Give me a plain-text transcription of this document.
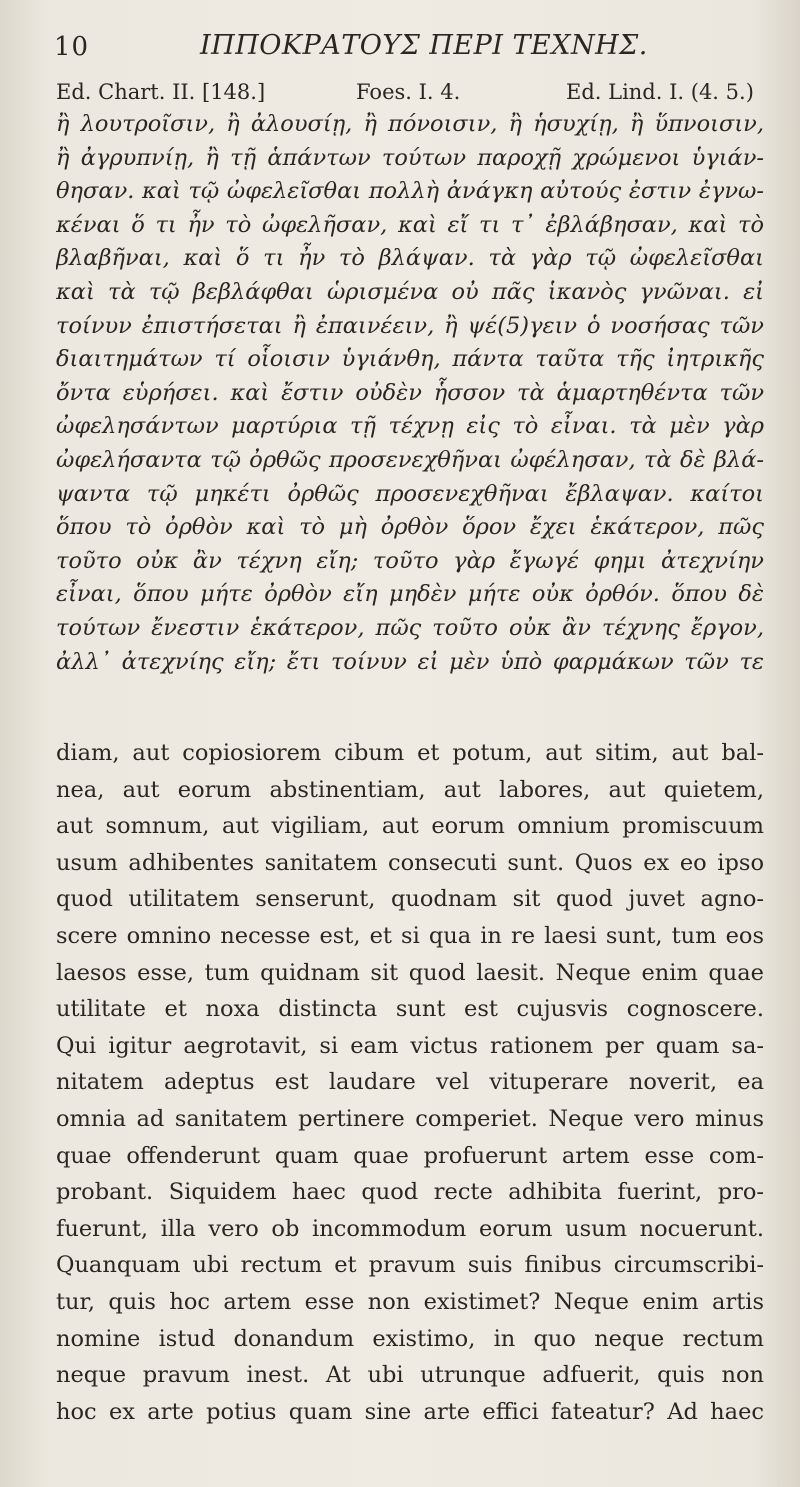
10	ΙΠΠΟΚΡΑΤΟΥΣ ΠΕΡΙ ΤΕΧΝΗΣ.
Ed. Chart. II. [148.]	Foes. I. 4.	Ed. Lind. I. (4. 5.)
ἢ λουτροῖσιν, ἢ ἀλουσίῃ, ἢ πόνοισιν, ἢ ἡσυχίῃ, ἢ ὕπνοισιν,
ἢ ἀγρυπνίῃ, ἢ τῇ ἁπάντων τούτων παροχῇ χρώμενοι ὑγιάν-
θησαν. καὶ τῷ ὠφελεῖσθαι πολλὴ ἀνάγκη αὐτούς ἐστιν ἐγνω-
κέναι ὅ τι ἦν τὸ ὠφελῆσαν, καὶ εἴ τι τ᾽ ἐβλάβησαν, καὶ τὸ
βλαβῆναι, καὶ ὅ τι ἦν τὸ βλάψαν. τὰ γὰρ τῷ ὠφελεῖσθαι
καὶ τὰ τῷ βεβλάφθαι ὡρισμένα οὐ πᾶς ἱκανὸς γνῶναι. εἰ
τοίνυν ἐπιστήσεται ἢ ἐπαινέειν, ἢ ψέ(5)γειν ὁ νοσήσας τῶν
διαιτημάτων τί οἷοισιν ὑγιάνθη, πάντα ταῦτα τῆς ἰητρικῆς
ὄντα εὑρήσει. καὶ ἔστιν οὐδὲν ἧσσον τὰ ἁμαρτηθέντα τῶν
ὠφελησάντων μαρτύρια τῇ τέχνῃ εἰς τὸ εἶναι. τὰ μὲν γὰρ
ὠφελήσαντα τῷ ὀρθῶς προσενεχθῆναι ὠφέλησαν, τὰ δὲ βλά-
ψαντα τῷ μηκέτι ὀρθῶς προσενεχθῆναι ἔβλαψαν. καίτοι
ὅπου τὸ ὀρθὸν καὶ τὸ μὴ ὀρθὸν ὅρον ἔχει ἑκάτερον, πῶς
τοῦτο οὐκ ἂν τέχνη εἴη; τοῦτο γὰρ ἔγωγέ φημι ἀτεχνίην
εἶναι, ὅπου μήτε ὀρθὸν εἴη μηδὲν μήτε οὐκ ὀρθόν. ὅπου δὲ
τούτων ἔνεστιν ἑκάτερον, πῶς τοῦτο οὐκ ἂν τέχνης ἔργον,
ἀλλ᾽ ἀτεχνίης εἴη; ἔτι τοίνυν εἰ μὲν ὑπὸ φαρμάκων τῶν τε
diam, aut copiosiorem cibum et potum, aut sitim, aut bal-
nea, aut eorum abstinentiam, aut labores, aut quietem,
aut somnum, aut vigiliam, aut eorum omnium promiscuum
usum adhibentes sanitatem consecuti sunt. Quos ex eo ipso
quod utilitatem senserunt, quodnam sit quod juvet agno-
scere omnino necesse est, et si qua in re laesi sunt, tum eos
laesos esse, tum quidnam sit quod laesit. Neque enim quae
utilitate et noxa distincta sunt est cujusvis cognoscere.
Qui igitur aegrotavit, si eam victus rationem per quam sa-
nitatem adeptus est laudare vel vituperare noverit, ea
omnia ad sanitatem pertinere comperiet. Neque vero minus
quae offenderunt quam quae profuerunt artem esse com-
probant. Siquidem haec quod recte adhibita fuerint, pro-
fuerunt, illa vero ob incommodum eorum usum nocuerunt.
Quanquam ubi rectum et pravum suis finibus circumscribi-
tur, quis hoc artem esse non existimet? Neque enim artis
nomine istud donandum existimo, in quo neque rectum
neque pravum inest. At ubi utrunque adfuerit, quis non
hoc ex arte potius quam sine arte effici fateatur? Ad haec
